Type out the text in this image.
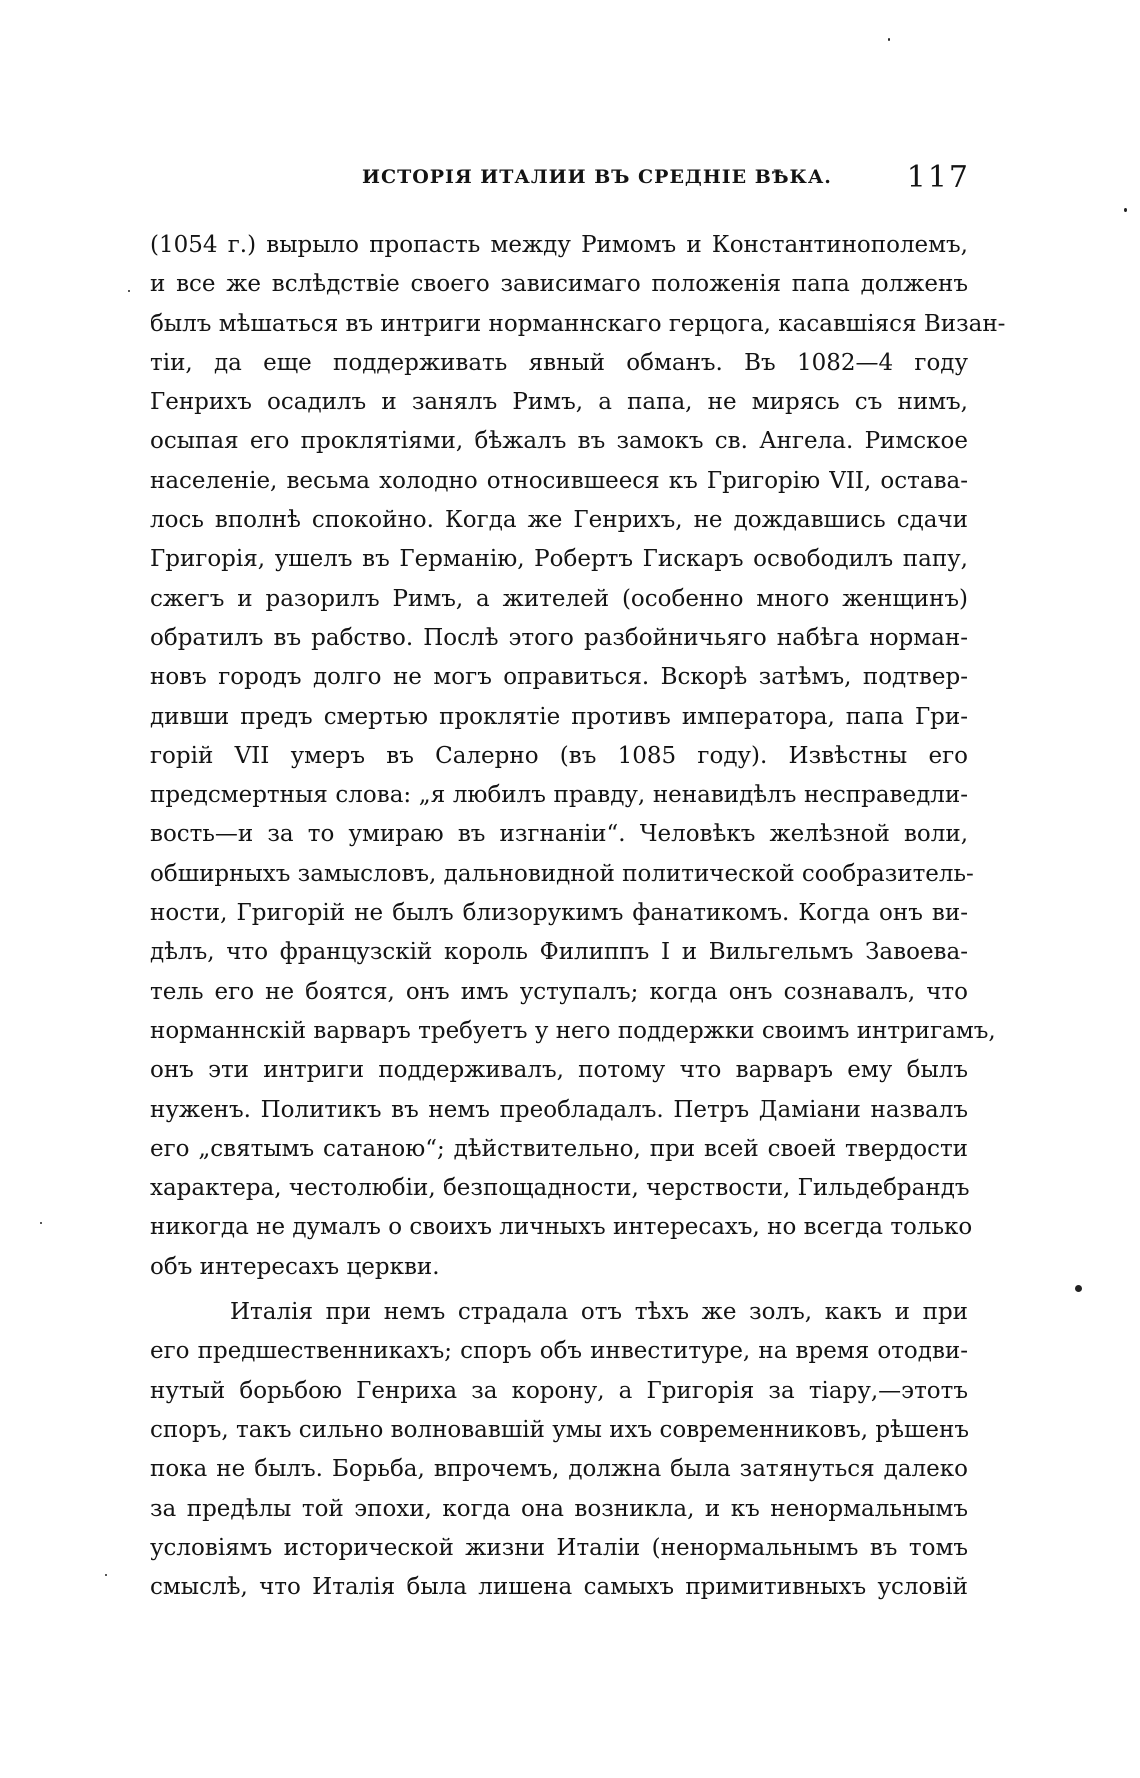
ИСТОРІЯ ИТАЛИИ ВЪ СРЕДНІЕ ВѢКА. 117
(1054 г.) вырыло пропасть между Римомъ и Константинополемъ,
и все же вслѣдствіе своего зависимаго положенія папа долженъ
былъ мѣшаться въ интриги норманнскаго герцога, касавшіяся Визан-
тіи, да еще поддерживать явный обманъ. Въ 1082—4 году
Генрихъ осадилъ и занялъ Римъ, а папа, не мирясь съ нимъ,
осыпая его проклятіями, бѣжалъ въ замокъ св. Ангела. Римское
населеніе, весьма холодно относившееся къ Григорію VII, остава-
лось вполнѣ спокойно. Когда же Генрихъ, не дождавшись сдачи
Григорія, ушелъ въ Германію, Робертъ Гискаръ освободилъ папу,
сжегъ и разорилъ Римъ, а жителей (особенно много женщинъ)
обратилъ въ рабство. Послѣ этого разбойничьяго набѣга норман-
новъ городъ долго не могъ оправиться. Вскорѣ затѣмъ, подтвер-
дивши предъ смертью проклятіе противъ императора, папа Гри-
горій VII умеръ въ Салерно (въ 1085 году). Извѣстны его
предсмертныя слова: „я любилъ правду, ненавидѣлъ несправедли-
вость—и за то умираю въ изгнаніи“. Человѣкъ желѣзной воли,
обширныхъ замысловъ, дальновидной политической сообразитель-
ности, Григорій не былъ близорукимъ фанатикомъ. Когда онъ ви-
дѣлъ, что французскій король Филиппъ I и Вильгельмъ Завоева-
тель его не боятся, онъ имъ уступалъ; когда онъ сознавалъ, что
норманнскій варваръ требуетъ у него поддержки своимъ интригамъ,
онъ эти интриги поддерживалъ, потому что варваръ ему былъ
нуженъ. Политикъ въ немъ преобладалъ. Петръ Даміани назвалъ
его „святымъ сатаною“; дѣйствительно, при всей своей твердости
характера, честолюбіи, безпощадности, черствости, Гильдебрандъ
никогда не думалъ о своихъ личныхъ интересахъ, но всегда только
объ интересахъ церкви.
Италія при немъ страдала отъ тѣхъ же золъ, какъ и при
его предшественникахъ; споръ объ инвеституре, на время отодви-
нутый борьбою Генриха за корону, а Григорія за тіару,—этотъ
споръ, такъ сильно волновавшій умы ихъ современниковъ, рѣшенъ
пока не былъ. Борьба, впрочемъ, должна была затянуться далеко
за предѣлы той эпохи, когда она возникла, и къ ненормальнымъ
условіямъ исторической жизни Италіи (ненормальнымъ въ томъ
смыслѣ, что Италія была лишена самыхъ примитивныхъ условій
